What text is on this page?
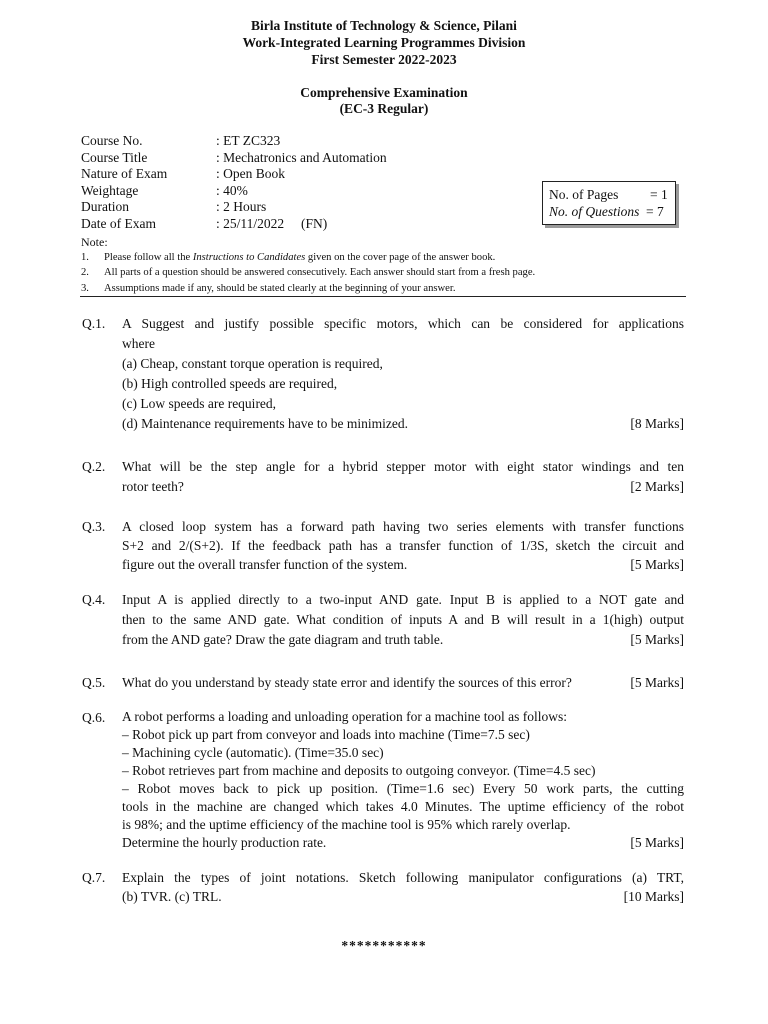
Birla Institute of Technology & Science, Pilani
Work-Integrated Learning Programmes Division
First Semester 2022-2023
Comprehensive Examination
(EC-3 Regular)
Course No.	: ET ZC323
Course Title	: Mechatronics and Automation
Nature of Exam	: Open Book
Weightage	: 40%
Duration	: 2 Hours
Date of Exam	: 25/11/2022     (FN)
No. of Pages = 1
No. of Questions = 7
Note:
1. Please follow all the Instructions to Candidates given on the cover page of the answer book.
2. All parts of a question should be answered consecutively. Each answer should start from a fresh page.
3. Assumptions made if any, should be stated clearly at the beginning of your answer.
Q.1. A Suggest and justify possible specific motors, which can be considered for applications
where
(a) Cheap, constant torque operation is required,
(b) High controlled speeds are required,
(c) Low speeds are required,
(d) Maintenance requirements have to be minimized.	[8 Marks]
Q.2. What will be the step angle for a hybrid stepper motor with eight stator windings and ten
rotor teeth?	[2 Marks]
Q.3. A closed loop system has a forward path having two series elements with transfer functions
S+2 and 2/(S+2). If the feedback path has a transfer function of 1/3S, sketch the circuit and
figure out the overall transfer function of the system.	[5 Marks]
Q.4. Input A is applied directly to a two-input AND gate. Input B is applied to a NOT gate and
then to the same AND gate. What condition of inputs A and B will result in a 1(high) output
from the AND gate? Draw the gate diagram and truth table.	[5 Marks]
Q.5. What do you understand by steady state error and identify the sources of this error?	[5 Marks]
Q.6. A robot performs a loading and unloading operation for a machine tool as follows:
– Robot pick up part from conveyor and loads into machine (Time=7.5 sec)
– Machining cycle (automatic). (Time=35.0 sec)
– Robot retrieves part from machine and deposits to outgoing conveyor. (Time=4.5 sec)
– Robot moves back to pick up position. (Time=1.6 sec) Every 50 work parts, the cutting
tools in the machine are changed which takes 4.0 Minutes. The uptime efficiency of the robot
is 98%; and the uptime efficiency of the machine tool is 95% which rarely overlap.
Determine the hourly production rate.	[5 Marks]
Q.7. Explain the types of joint notations. Sketch following manipulator configurations (a) TRT,
(b) TVR. (c) TRL.	[10 Marks]
***********
